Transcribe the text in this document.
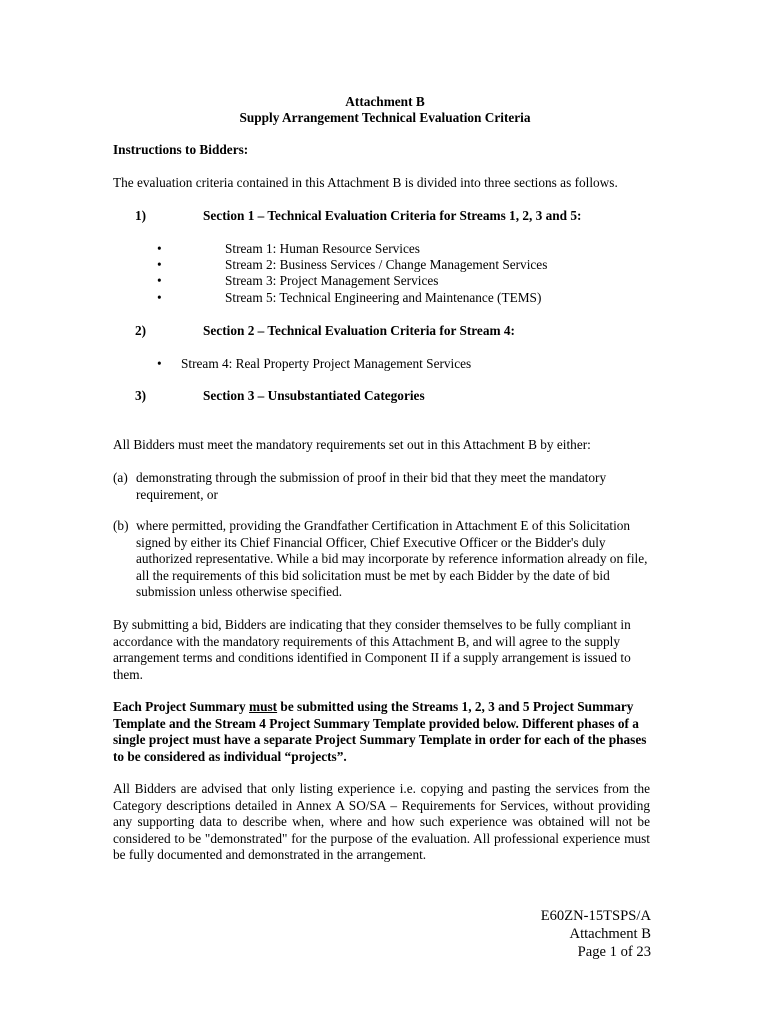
Attachment B
Supply Arrangement Technical Evaluation Criteria
Instructions to Bidders:
The evaluation criteria contained in this Attachment B is divided into three sections as follows.
1)	Section 1 – Technical Evaluation Criteria for Streams 1, 2, 3 and 5:
•	Stream 1: Human Resource Services
•	Stream 2: Business Services / Change Management Services
•	Stream 3: Project Management Services
•	Stream 5: Technical Engineering and Maintenance (TEMS)
2)	Section 2 – Technical Evaluation Criteria for Stream 4:
• Stream 4: Real Property Project Management Services
3)	Section 3 – Unsubstantiated Categories
All Bidders must meet the mandatory requirements set out in this Attachment B by either:
(a) demonstrating through the submission of proof in their bid that they meet the mandatory requirement, or
(b) where permitted, providing the Grandfather Certification in Attachment E of this Solicitation signed by either its Chief Financial Officer, Chief Executive Officer or the Bidder's duly authorized representative. While a bid may incorporate by reference information already on file, all the requirements of this bid solicitation must be met by each Bidder by the date of bid submission unless otherwise specified.
By submitting a bid, Bidders are indicating that they consider themselves to be fully compliant in accordance with the mandatory requirements of this Attachment B, and will agree to the supply arrangement terms and conditions identified in Component II if a supply arrangement is issued to them.
Each Project Summary must be submitted using the Streams 1, 2, 3 and 5 Project Summary Template and the Stream 4 Project Summary Template provided below. Different phases of a single project must have a separate Project Summary Template in order for each of the phases to be considered as individual “projects”.
All Bidders are advised that only listing experience i.e. copying and pasting the services from the Category descriptions detailed in Annex A SO/SA – Requirements for Services, without providing any supporting data to describe when, where and how such experience was obtained will not be considered to be "demonstrated" for the purpose of the evaluation. All professional experience must be fully documented and demonstrated in the arrangement.
E60ZN-15TSPS/A
Attachment B
Page 1 of 23
